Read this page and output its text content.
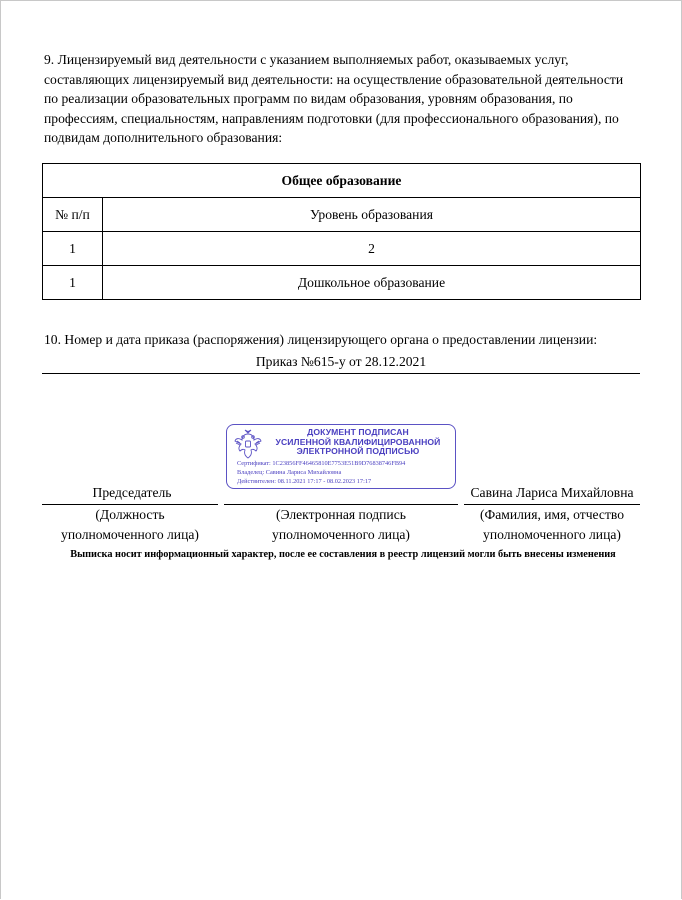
9. Лицензируемый вид деятельности с указанием выполняемых работ, оказываемых услуг,
составляющих лицензируемый вид деятельности: на осуществление образовательной деятельности
по реализации образовательных программ по видам образования, уровням образования, по
профессиям, специальностям, направлениям подготовки (для профессионального образования), по
подвидам дополнительного образования:
Общее образование	
№ п/п	Уровень образования
1	2
1	Дошкольное образование
10. Номер и дата приказа (распоряжения) лицензирующего органа о предоставлении лицензии:
Приказ №615-у от 28.12.2021
ДОКУМЕНТ ПОДПИСАН
УСИЛЕННОЙ КВАЛИФИЦИРОВАННОЙ
ЭЛЕКТРОННОЙ ПОДПИСЬЮ
Сертификат: 1C23856FF46465810E7753E51B9D76838746FB94
Владелец: Савина Лариса Михайловна
Действителен: 08.11.2021 17:17 - 08.02.2023 17:17
Председатель	Савина Лариса Михайловна
(Должность
уполномоченного лица)
(Электронная подпись
уполномоченного лица)
(Фамилия, имя, отчество
уполномоченного лица)
Выписка носит информационный характер, после ее составления в реестр лицензий могли быть внесены изменения
